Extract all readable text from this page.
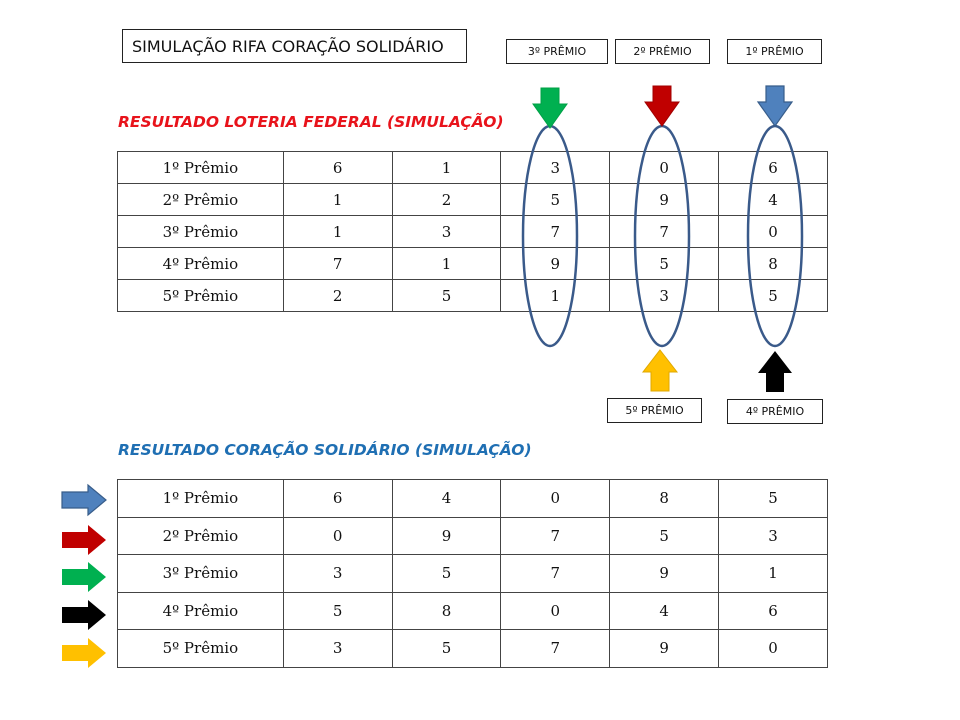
SIMULAÇÃO RIFA CORAÇÃO SOLIDÁRIO	3º PRÊMIO	2º PRÊMIO	1º PRÊMIO
5º PRÊMIO	4º PRÊMIO
RESULTADO LOTERIA FEDERAL (SIMULAÇÃO)
1º Prêmio	6	1	3	0	6
2º Prêmio	1	2	5	9	4
3º Prêmio	1	3	7	7	0
4º Prêmio	7	1	9	5	8
5º Prêmio	2	5	1	3	5
RESULTADO CORAÇÃO SOLIDÁRIO (SIMULAÇÃO)
1º Prêmio	6	4	0	8	5
2º Prêmio	0	9	7	5	3
3º Prêmio	3	5	7	9	1
4º Prêmio	5	8	0	4	6
5º Prêmio	3	5	7	9	0
